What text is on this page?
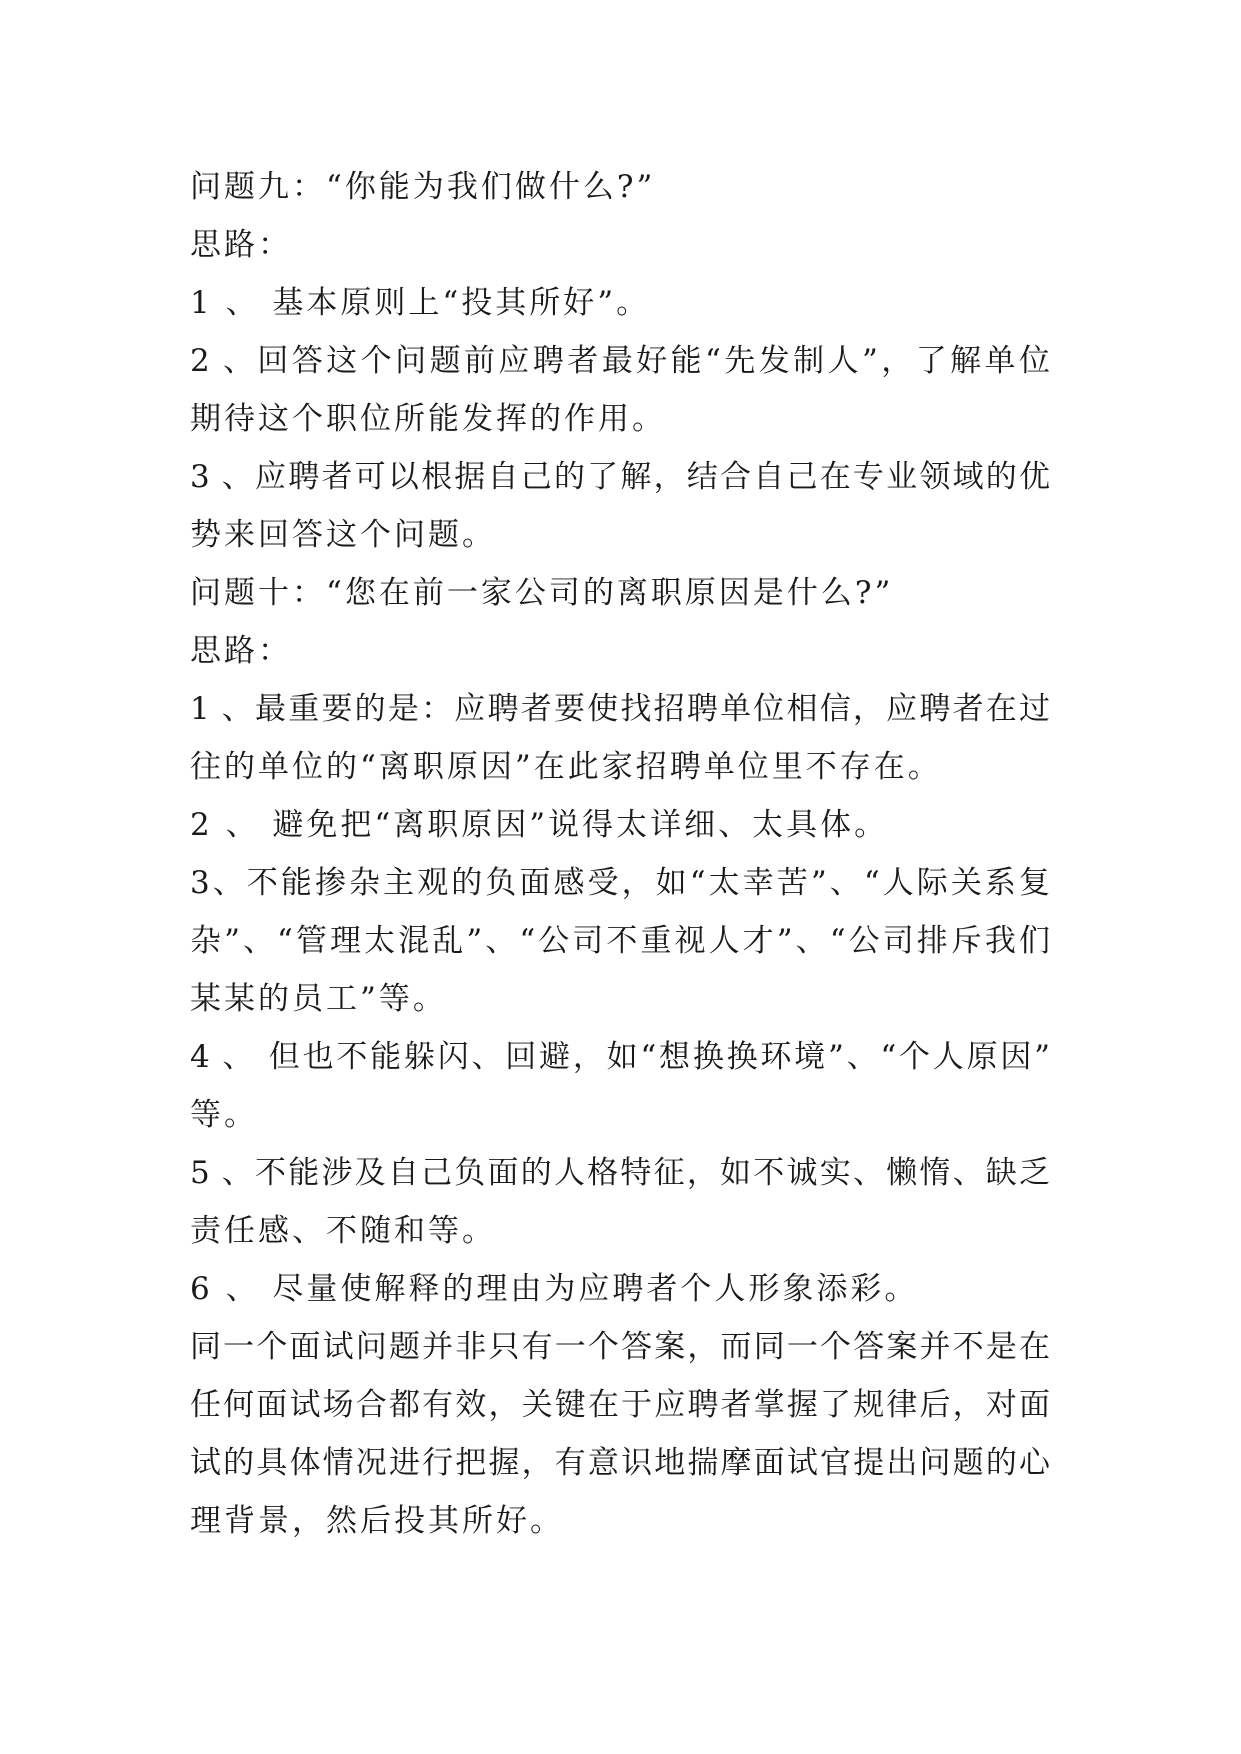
问题九：“你能为我们做什么?”
思路：
1 、 基本原则上“投其所好”。
2 、回答这个问题前应聘者最好能“先发制人”，了解单位
期待这个职位所能发挥的作用。
3 、应聘者可以根据自己的了解，结合自己在专业领域的优
势来回答这个问题。
问题十：“您在前一家公司的离职原因是什么?”
思路：
1 、最重要的是：应聘者要使找招聘单位相信，应聘者在过
往的单位的“离职原因”在此家招聘单位里不存在。
2 、 避免把“离职原因”说得太详细、太具体。
3、不能掺杂主观的负面感受，如“太幸苦”、“人际关系复
杂”、“管理太混乱”、“公司不重视人才”、“公司排斥我们
某某的员工”等。
4 、 但也不能躲闪、回避，如“想换换环境”、“个人原因”
等。
5 、不能涉及自己负面的人格特征，如不诚实、懒惰、缺乏
责任感、不随和等。
6 、 尽量使解释的理由为应聘者个人形象添彩。
同一个面试问题并非只有一个答案，而同一个答案并不是在
任何面试场合都有效，关键在于应聘者掌握了规律后，对面
试的具体情况进行把握，有意识地揣摩面试官提出问题的心
理背景，然后投其所好。
